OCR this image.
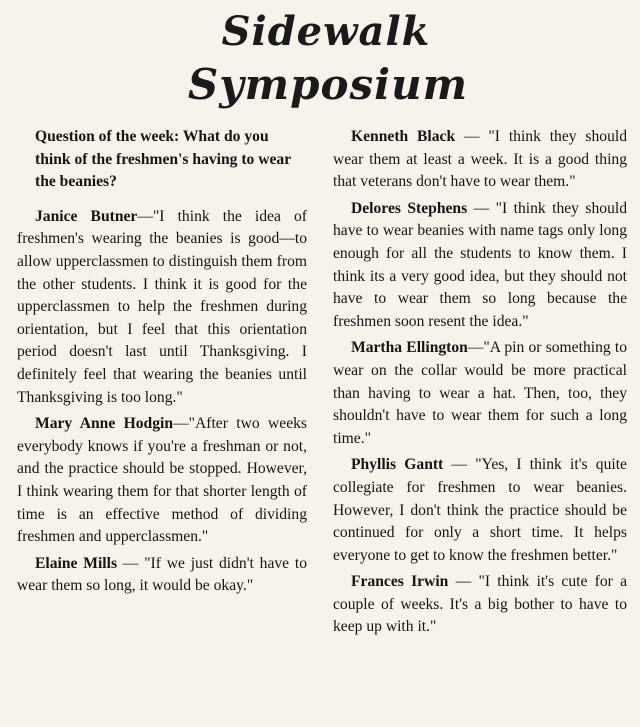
Sidewalk
Symposium

Question of the week: What do you think of the freshmen's having to wear the beanies?

Janice Butner—"I think the idea of freshmen's wearing the beanies is good—to allow upperclassmen to distinguish them from the other students. I think it is good for the upperclassmen to help the freshmen during orientation, but I feel that this orientation period doesn't last until Thanksgiving. I definitely feel that wearing the beanies until Thanksgiving is too long."

Mary Anne Hodgin—"After two weeks everybody knows if you're a freshman or not, and the practice should be stopped. However, I think wearing them for that shorter length of time is an effective method of dividing freshmen and upperclassmen."

Elaine Mills — "If we just didn't have to wear them so long, it would be okay."

Kenneth Black — "I think they should wear them at least a week. It is a good thing that veterans don't have to wear them."

Delores Stephens — "I think they should have to wear beanies with name tags only long enough for all the students to know them. I think its a very good idea, but they should not have to wear them so long because the freshmen soon resent the idea."

Martha Ellington—"A pin or something to wear on the collar would be more practical than having to wear a hat. Then, too, they shouldn't have to wear them for such a long time."

Phyllis Gantt — "Yes, I think it's quite collegiate for freshmen to wear beanies. However, I don't think the practice should be continued for only a short time. It helps everyone to get to know the freshmen better."

Frances Irwin — "I think it's cute for a couple of weeks. It's a big bother to have to keep up with it."
